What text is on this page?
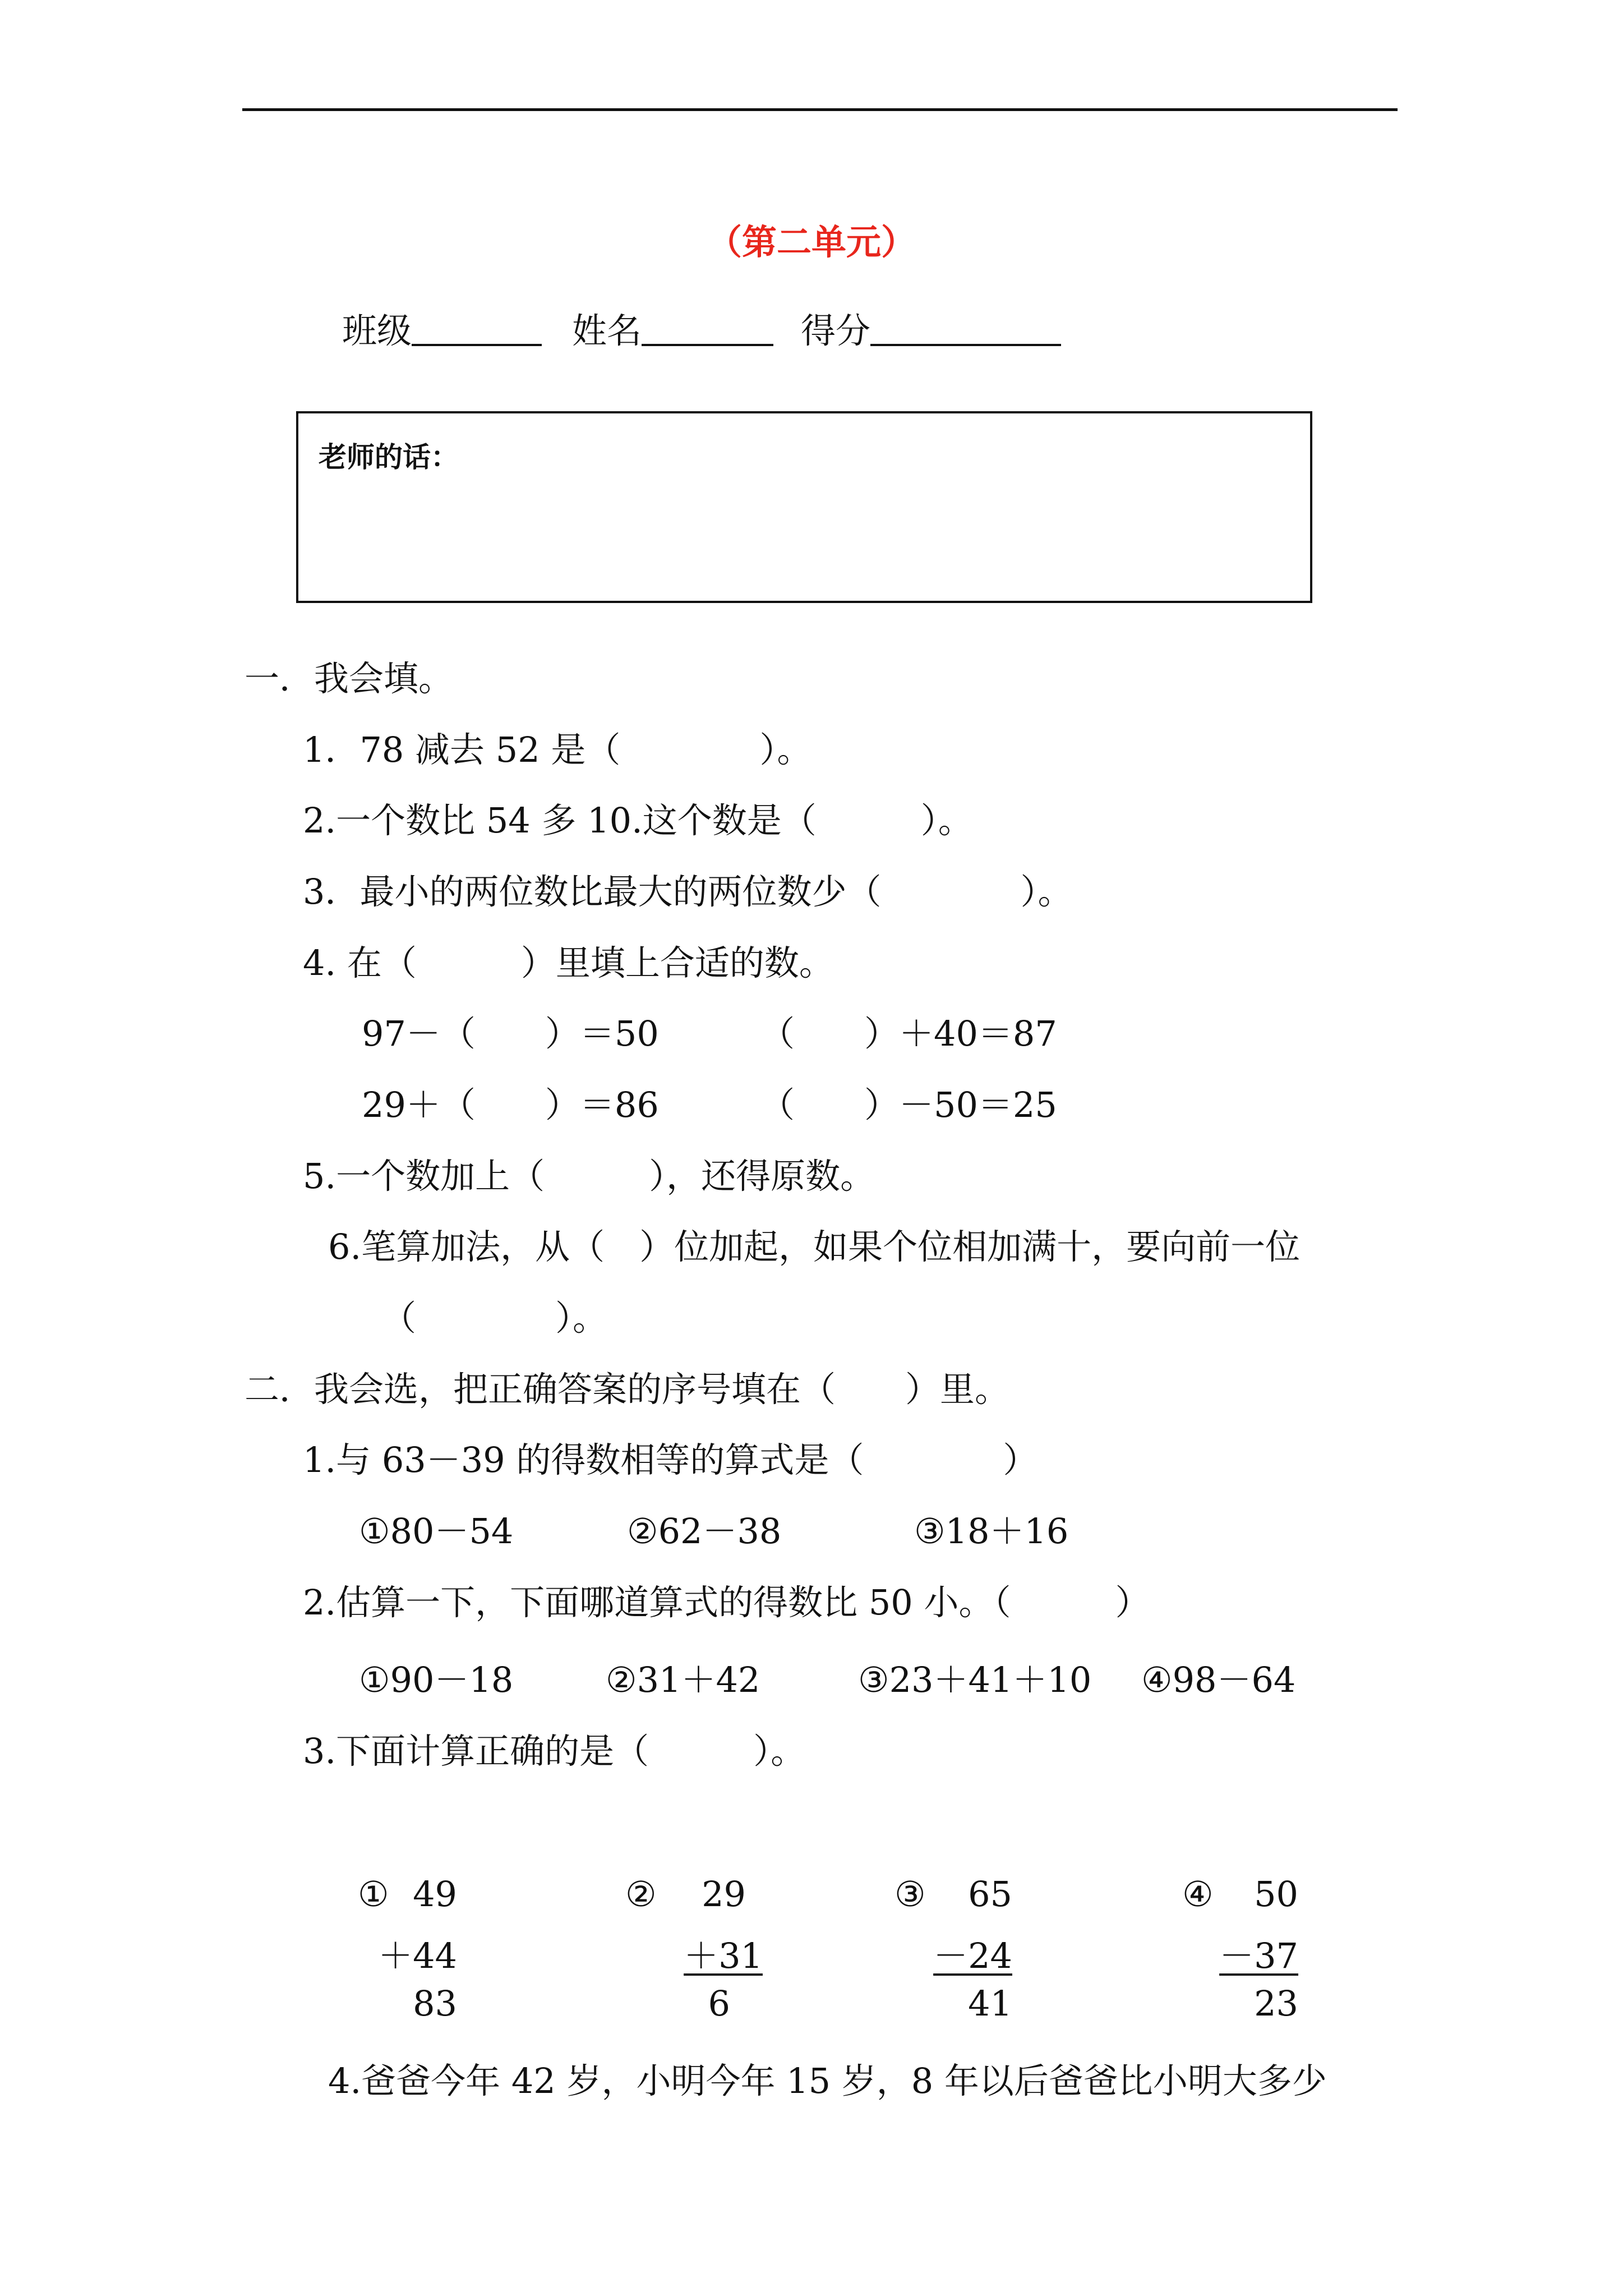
（第二单元）
班级	姓名	得分
老师的话：
一．我会填。
1．78 减去 52 是（　　　　）。
2.一个数比 54 多 10.这个数是（　　　）。
3．最小的两位数比最大的两位数少（　　　　）。
4. 在（　　　）里填上合适的数。
97－（　　）＝50	（　　）＋40＝87
29＋（　　）＝86	（　　）－50＝25
5.一个数加上（　　　），还得原数。
6.笔算加法，从（　）位加起，如果个位相加满十，要向前一位
（　　　　）。
二．我会选，把正确答案的序号填在（　　）里。
1.与 63－39 的得数相等的算式是（　　　　）
①80－54	②62－38	③18＋16
2.估算一下，下面哪道算式的得数比 50 小。（　　　）
①90－18	②31＋42	③23＋41＋10 ④98－64
3.下面计算正确的是（　　　）。
① 49
＋44
83
②	29
＋31
6
③	65
－24
41
④	50
－37
23
4.爸爸今年 42 岁，小明今年 15 岁，8 年以后爸爸比小明大多少
